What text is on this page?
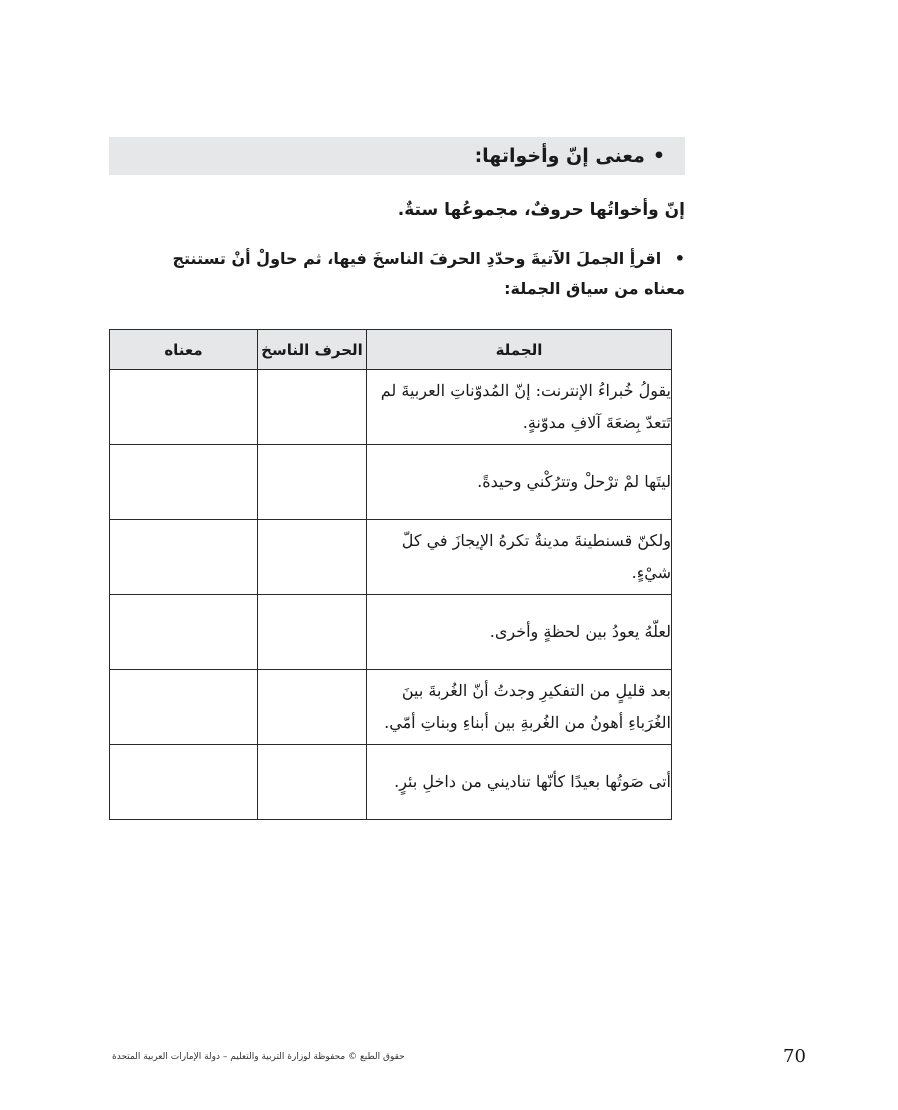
•
معنى إنّ وأخواتها:
إنّ وأخواتُها حروفٌ، مجموعُها ستةٌ.
• اقرأِ الجملَ الآتيةَ وحدّدِ الحرفَ الناسخَ فيها، ثم حاولْ أنْ تستنتج معناه من سياق الجملة:
الجملة	الحرف الناسخ	معناه
يقولُ خُبراءُ الإنترنت: إنّ المُدوّناتِ العربيةَ لم تَتعدّ بِضعَةَ آلافِ مدوّنةٍ.		
ليتَها لمْ ترْحلْ وتترُكْني وحيدةً.		
ولكنّ قسنطينةَ مدينةٌ تكرهُ الإيجازَ في كلّ شيْءٍ.		
لعلّهُ يعودُ بين لحظةٍ وأخرى.		
بعد قليلٍ من التفكيرِ وجدتُ أنّ الغُربةَ بينَ الغُرَباءِ أهونُ من الغُربةِ بين أبناءِ وبناتِ أمّي.		
أتى صَوتُها بعيدًا كأنّها تناديني من داخلِ بئرٍ.		
حقوق الطبع © محفوظة لوزارة التربية والتعليم – دولة الإمارات العربية المتحدة	70
